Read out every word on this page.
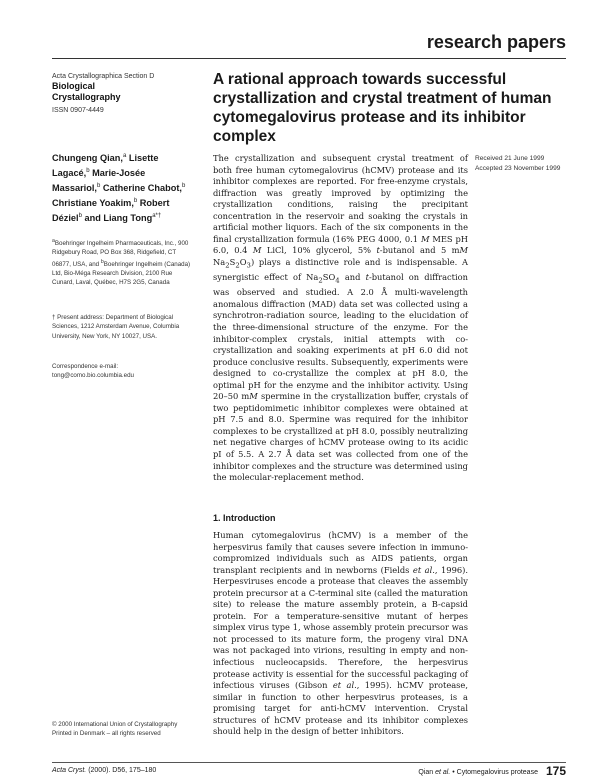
research papers
Acta Crystallographica Section D
Biological
Crystallography
ISSN 0907-4449
A rational approach towards successful crystallization and crystal treatment of human cytomegalovirus protease and its inhibitor complex
Chungeng Qian,$^a$ Lisette Lagacé,$^b$ Marie-Josée Massariol,$^b$ Catherine Chabot,$^b$ Christiane Yoakim,$^b$ Robert Déziel$^b$ and Liang Tong$^{a*\dagger}$
$^a$Boehringer Ingelheim Pharmaceuticals, Inc., 900 Ridgebury Road, PO Box 368, Ridgefield, CT 06877, USA, and $^b$Boehringer Ingelheim (Canada) Ltd, Bio-Méga Research Division, 2100 Rue Cunard, Laval, Québec, H7S 2G5, Canada
† Present address: Department of Biological Sciences, 1212 Amsterdam Avenue, Columbia University, New York, NY 10027, USA.
Correspondence e-mail:
tong@como.bio.columbia.edu
Received 21 June 1999
Accepted 23 November 1999
The crystallization and subsequent crystal treatment of both free human cytomegalovirus (hCMV) protease and its inhibitor complexes are reported. For free-enzyme crystals, diffraction was greatly improved by optimizing the crystallization conditions, raising the precipitant concentration in the reservoir and soaking the crystals in artificial mother liquors. Each of the six components in the final crystallization formula (16% PEG 4000, 0.1 M MES pH 6.0, 0.4 M LiCl, 10% glycerol, 5% t-butanol and 5 mM $Na_2S_2O_3$) plays a distinctive role and is indispensable. A synergistic effect of $Na_2SO_4$ and t-butanol on diffraction was observed and studied. A 2.0 Å multi-wavelength anomalous diffraction (MAD) data set was collected using a synchrotron-radiation source, leading to the elucidation of the three-dimensional structure of the enzyme. For the inhibitor-complex crystals, initial attempts with co-crystallization and soaking experiments at pH 6.0 did not produce conclusive results. Subsequently, experiments were designed to co-crystallize the complex at pH 8.0, the optimal pH for the enzyme and the inhibitor activity. Using 20–50 mM spermine in the crystallization buffer, crystals of two peptidomimetic inhibitor complexes were obtained at pH 7.5 and 8.0. Spermine was required for the inhibitor complexes to be crystallized at pH 8.0, possibly neutralizing net negative charges of hCMV protease owing to its acidic pI of 5.5. A 2.7 Å data set was collected from one of the inhibitor complexes and the structure was determined using the molecular-replacement method.
1. Introduction
Human cytomegalovirus (hCMV) is a member of the herpesvirus family that causes severe infection in immuno-compromized individuals such as AIDS patients, organ transplant recipients and in newborns (Fields et al., 1996). Herpesviruses encode a protease that cleaves the assembly protein precursor at a C-terminal site (called the maturation site) to release the mature assembly protein, a B-capsid protein. For a temperature-sensitive mutant of herpes simplex virus type 1, whose assembly protein precursor was not processed to its mature form, the progeny viral DNA was not packaged into virions, resulting in empty and non-infectious nucleocapsids. Therefore, the herpesvirus protease activity is essential for the successful packaging of infectious viruses (Gibson et al., 1995). hCMV protease, similar in function to other herpesvirus proteases, is a promising target for anti-hCMV intervention. Crystal structures of hCMV protease and its inhibitor complexes should help in the design of better inhibitors.
© 2000 International Union of Crystallography
Printed in Denmark – all rights reserved
Acta Cryst. (2000). D56, 175–180	Qian et al. • Cytomegalovirus protease 175
